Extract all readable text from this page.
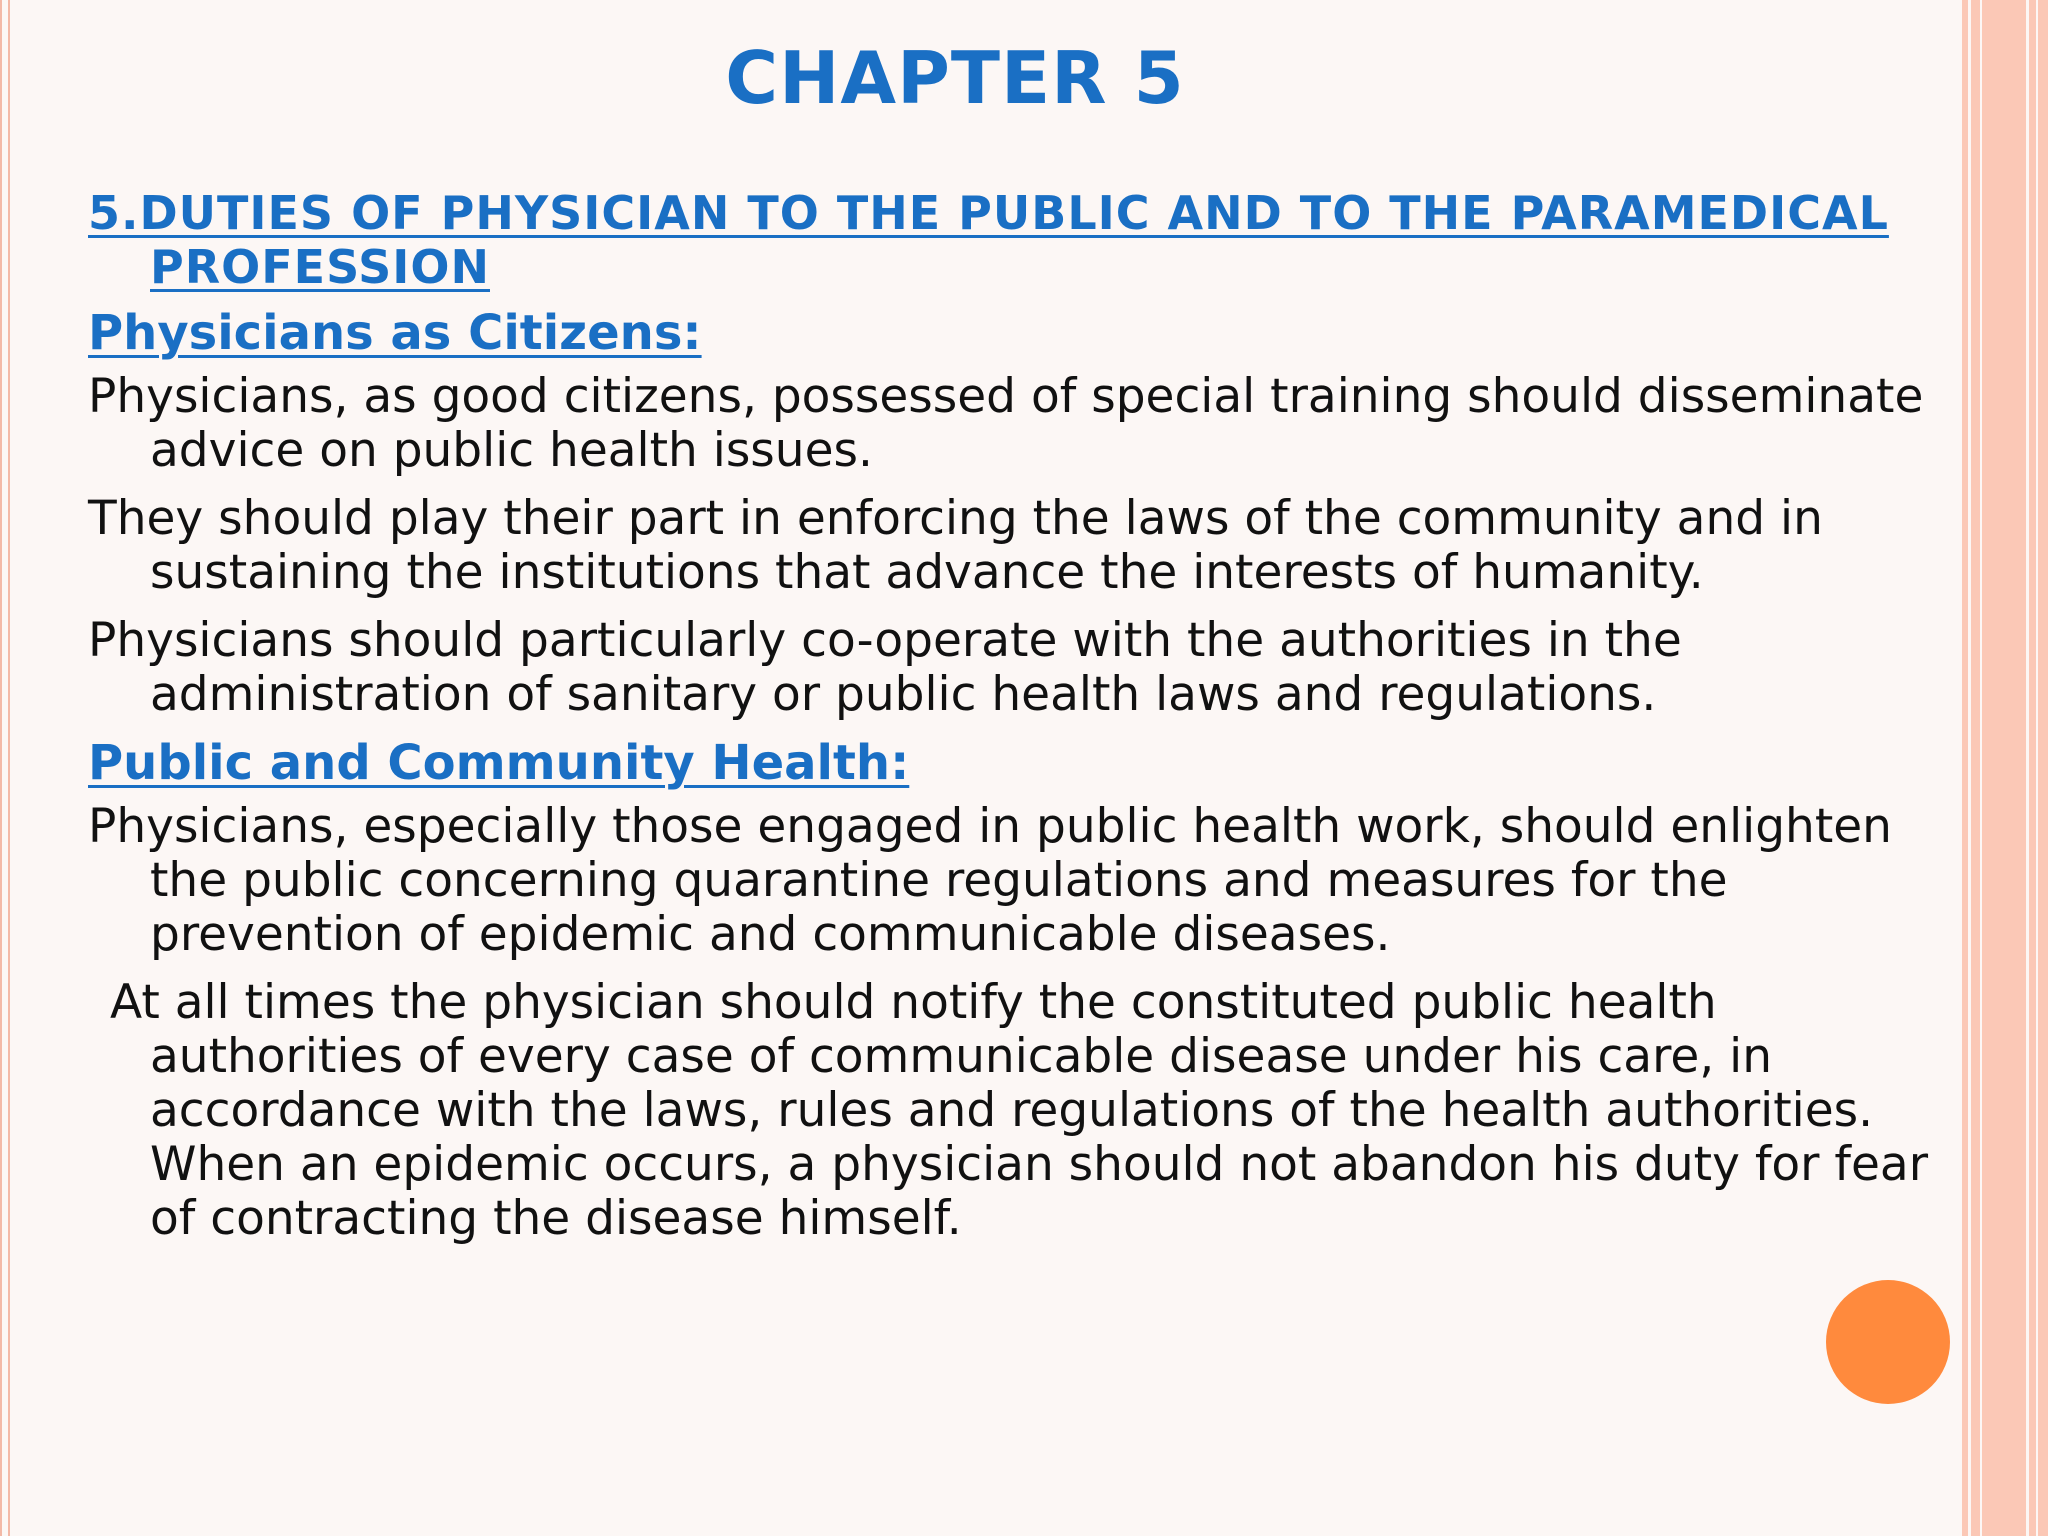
CHAPTER 5

5.DUTIES OF PHYSICIAN TO THE PUBLIC AND TO THE PARAMEDICAL PROFESSION

Physicians as Citizens:

Physicians, as good citizens, possessed of special training should disseminate advice on public health issues.

They should play their part in enforcing the laws of the community and in sustaining the institutions that advance the interests of humanity.

Physicians should particularly co-operate with the authorities in the administration of sanitary or public health laws and regulations.

Public and Community Health:

Physicians, especially those engaged in public health work, should enlighten the public concerning quarantine regulations and measures for the prevention of epidemic and communicable diseases.

At all times the physician should notify the constituted public health authorities of every case of communicable disease under his care, in accordance with the laws, rules and regulations of the health authorities. When an epidemic occurs, a physician should not abandon his duty for fear of contracting the disease himself.
